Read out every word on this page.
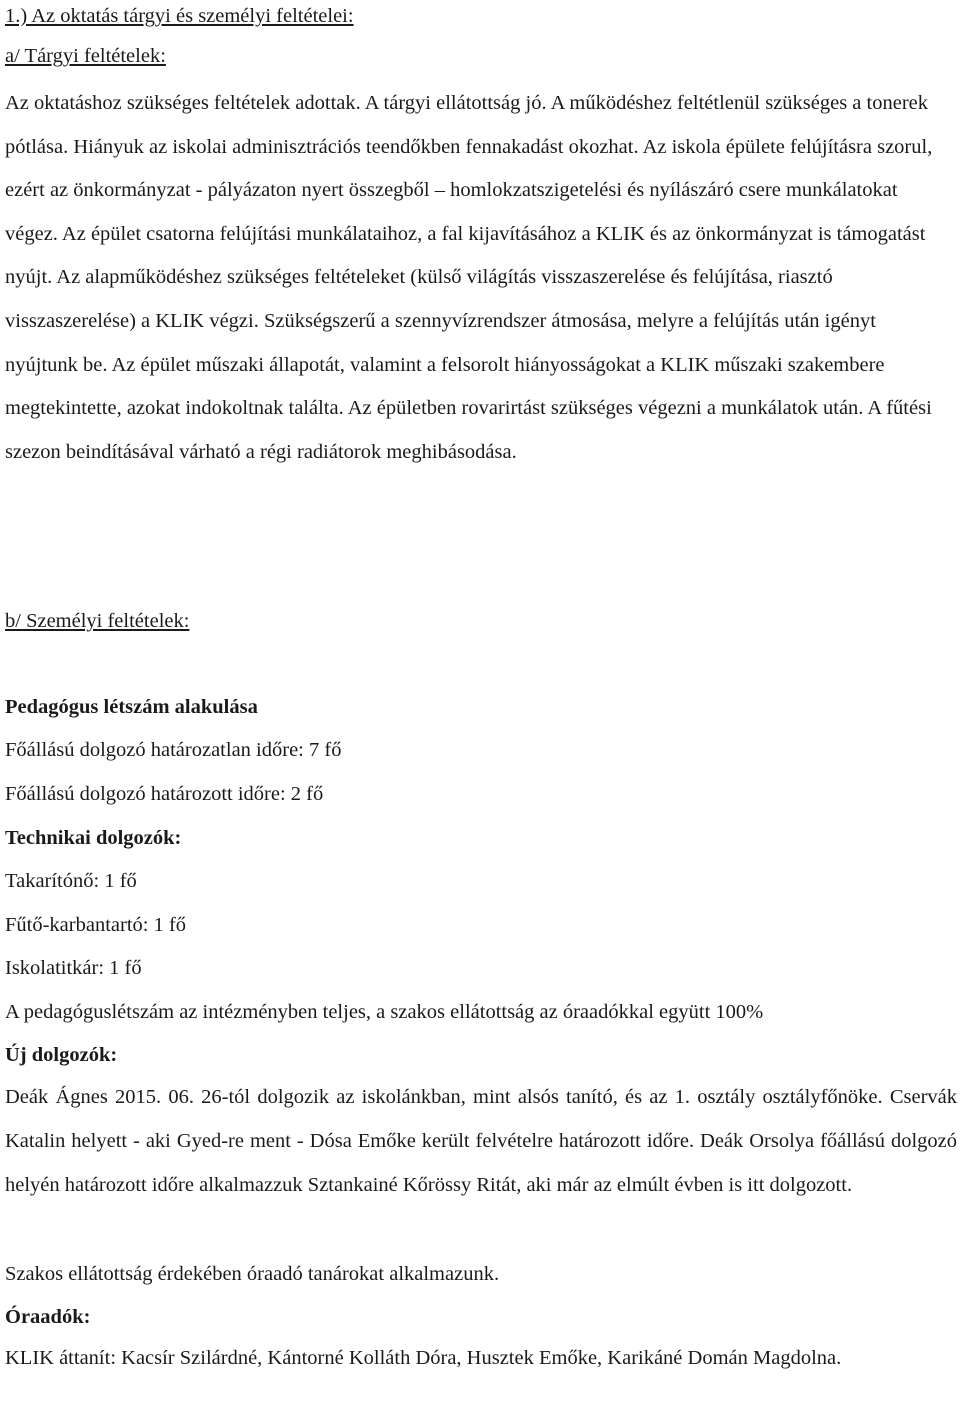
1.) Az oktatás tárgyi és személyi feltételei:
a/ Tárgyi feltételek:

Az oktatáshoz szükséges feltételek adottak. A tárgyi ellátottság jó. A működéshez feltétlenül szükséges a tonerek pótlása. Hiányuk az iskolai adminisztrációs teendőkben fennakadást okozhat. Az iskola épülete felújításra szorul, ezért az önkormányzat - pályázaton nyert összegből – homlokzatszigetelési és nyílászáró csere munkálatokat végez. Az épület csatorna felújítási munkálataihoz, a fal kijavításához a KLIK és az önkormányzat is támogatást nyújt. Az alapműködéshez szükséges feltételeket (külső világítás visszaszerelése és felújítása, riasztó visszaszerelése) a KLIK végzi. Szükségszerű a szennyvízrendszer átmosása, melyre a felújítás után igényt nyújtunk be. Az épület műszaki állapotát, valamint a felsorolt hiányosságokat a KLIK műszaki szakembere megtekintette, azokat indokoltnak találta. Az épületben rovarirtást szükséges végezni a munkálatok után. A fűtési szezon beindításával várható a régi radiátorok meghibásodása.

b/ Személyi feltételek:
Pedagógus létszám alakulása
Főállású dolgozó határozatlan időre: 7 fő
Főállású dolgozó határozott időre: 2 fő
Technikai dolgozók:
Takarítónő: 1 fő
Fűtő-karbantartó: 1 fő
Iskolatitkár: 1 fő
A pedagóguslétszám az intézményben teljes, a szakos ellátottság az óraadókkal együtt 100%
Új dolgozók:

Deák Ágnes 2015. 06. 26-tól dolgozik az iskolánkban, mint alsós tanító, és az 1. osztály osztályfőnöke. Cservák Katalin helyett - aki Gyed-re ment - Dósa Emőke került felvételre határozott időre. Deák Orsolya főállású dolgozó helyén határozott időre alkalmazzuk Sztankainé Kőrössy Ritát, aki már az elmúlt évben is itt dolgozott.

Szakos ellátottság érdekében óraadó tanárokat alkalmazunk.
Óraadók:

KLIK áttanít: Kacsír Szilárdné, Kántorné Kolláth Dóra, Husztek Emőke, Karikáné Domán Magdolna.
